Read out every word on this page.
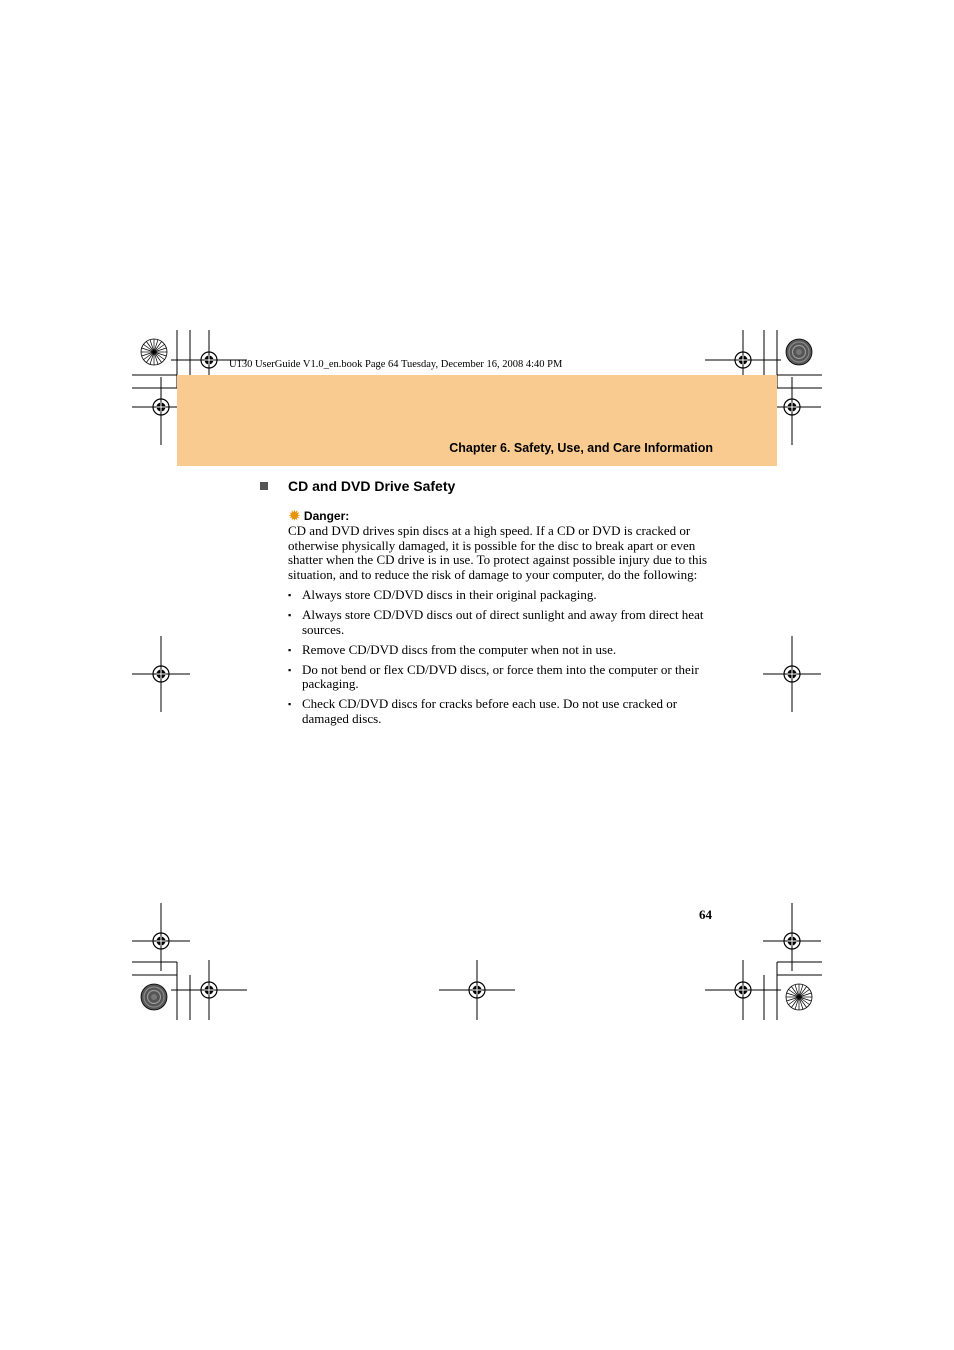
U130 UserGuide V1.0_en.book Page 64 Tuesday, December 16, 2008 4:40 PM
Chapter 6. Safety, Use, and Care Information
CD and DVD Drive Safety
✹ Danger:

CD and DVD drives spin discs at a high speed. If a CD or DVD is cracked or otherwise physically damaged, it is possible for the disc to break apart or even shatter when the CD drive is in use. To protect against possible injury due to this situation, and to reduce the risk of damage to your computer, do the following:

▪ Always store CD/DVD discs in their original packaging.
▪ Always store CD/DVD discs out of direct sunlight and away from direct heat sources.
▪ Remove CD/DVD discs from the computer when not in use.
▪ Do not bend or flex CD/DVD discs, or force them into the computer or their packaging.
▪ Check CD/DVD discs for cracks before each use. Do not use cracked or damaged discs.
64
